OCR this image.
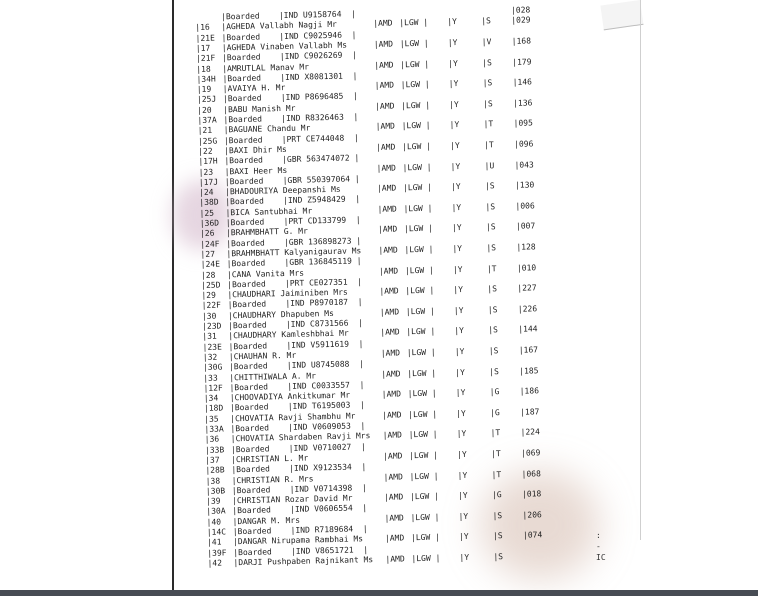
|Boarded    |IND U9158764  |	|028
|16 |AGHEDA Vallabh Nagji Mr	|AMD |LGW | |Y	|S	|029
|21E |Boarded    |IND C9025946  |
|17 |AGHEDA Vinaben Vallabh Ms	|AMD |LGW | |Y	|V	|168
|21F |Boarded    |IND C9026269  |
|18 |AMRUTLAL Manav Mr	|AMD |LGW | |Y	|S	|179
|34H |Boarded    |IND X8081301  |
|19 |AVAIYA H. Mr	|AMD |LGW | |Y	|S	|146
|25J |Boarded    |IND P8696485  |
|20 |BABU Manish Mr	|AMD |LGW | |Y	|S	|136
|37A |Boarded    |IND R8326463  |
|21 |BAGUANE Chandu Mr	|AMD |LGW | |Y	|T	|095
|25G |Boarded    |PRT CE744048  |
|22 |BAXI Dhir Ms	|AMD |LGW | |Y	|T	|096
|17H |Boarded    |GBR 563474072 |
|23 |BAXI Heer Ms	|AMD |LGW | |Y	|U	|043
|17J |Boarded    |GBR 550397064 |
|24 |BHADOURIYA Deepanshi Ms	|AMD |LGW | |Y	|S	|130
|38D |Boarded    |IND Z5948429  |
|25 |BICA Santubhai Mr	|AMD |LGW | |Y	|S	|006
|36D |Boarded    |PRT CD133799  |
|26 |BRAHMBHATT G. Mr	|AMD |LGW | |Y	|S	|007
|24F |Boarded    |GBR 136898273 |
|27 |BRAHMBHATT Kalyanigaurav Ms |AMD |LGW | |Y	|S	|128
|24E |Boarded    |GBR 136845119 |
|28 |CANA Vanita Mrs	|AMD |LGW | |Y	|T	|010
|25D |Boarded    |PRT CE027351  |
|29 |CHAUDHARI Jaiminiben Mrs	|AMD |LGW | |Y	|S	|227
|22F |Boarded    |IND P8970187  |
|30 |CHAUDHARY Dhapuben Ms	|AMD |LGW | |Y	|S	|226
|23D |Boarded    |IND C8731566  |
|31 |CHAUDHARY Kamleshbhai Mr	|AMD |LGW | |Y	|S	|144
|23E |Boarded    |IND V5911619  |
|32 |CHAUHAN R. Mr	|AMD |LGW | |Y	|S	|167
|30G |Boarded    |IND U8745088  |
|33 |CHITTHIWALA A. Mr	|AMD |LGW | |Y	|S	|185
|12F |Boarded    |IND C0033557  |
|34 |CHOOVADIYA Ankitkumar Mr	|AMD |LGW | |Y	|G	|186
|18D |Boarded    |IND T6195003  |
|35 |CHOVATIA Ravji Shambhu Mr	|AMD |LGW | |Y	|G	|187
|33A |Boarded    |IND V0609053  |
|36 |CHOVATIA Shardaben Ravji Mrs |AMD |LGW | |Y	|T	|224
|33B |Boarded    |IND V0710027  |
|37 |CHRISTIAN L. Mr	|AMD |LGW | |Y	|T	|069
|28B |Boarded    |IND X9123534  |
|38 |CHRISTIAN R. Mrs	|AMD |LGW | |Y	|T	|068
|30B |Boarded    |IND V0714398  |
|39 |CHRISTIAN Rozar David Mr	|AMD |LGW | |Y	|G	|018
|30A |Boarded    |IND V0606554  |
|40 |DANGAR M. Mrs	|AMD |LGW | |Y	|S	|206
|14C |Boarded    |IND R7189684  |
|41 |DANGAR Nirupama Rambhai Ms	|AMD |LGW | |Y	|S	|074
|39F |Boarded    |IND V8651721  |
|42 |DARJI Pushpaben Rajnikant Ms |AMD |LGW | |Y	|S
:
-
IC
